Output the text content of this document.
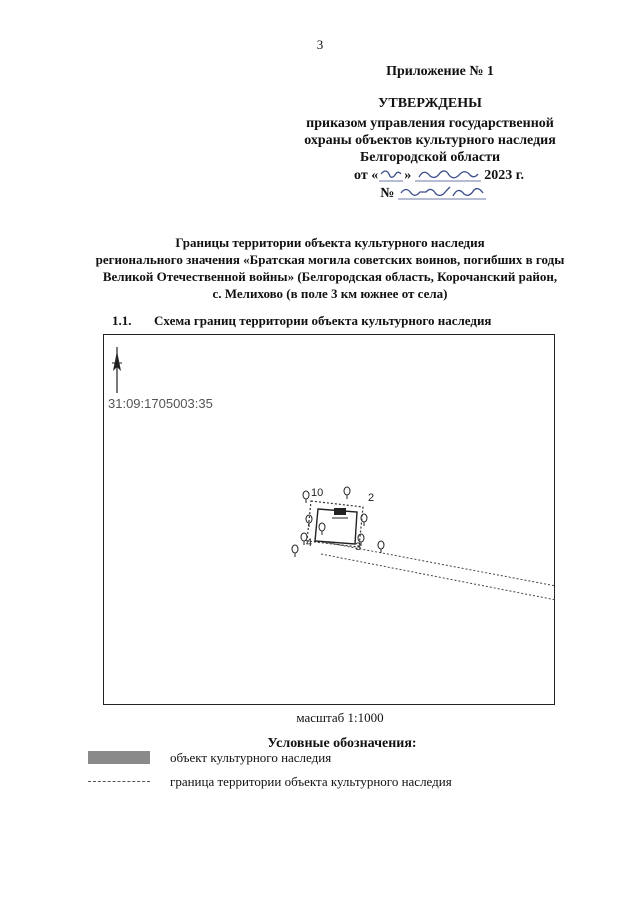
3
Приложение № 1
УТВЕРЖДЕНЫ
приказом управления государственной
охраны объектов культурного наследия
Белгородской области
от « »	2023 г.
№
Границы территории объекта культурного наследия
регионального значения «Братская могила советских воинов, погибших в годы
Великой Отечественной войны» (Белгородская область, Корочанский район,
с. Мелихово (в поле 3 км южнее от села)
1.1. Схема границ территории объекта культурного наследия
10	2
3
4
31:09:1705003:35
масштаб 1:1000
Условные обозначения:
объект культурного наследия
граница территории объекта культурного наследия
